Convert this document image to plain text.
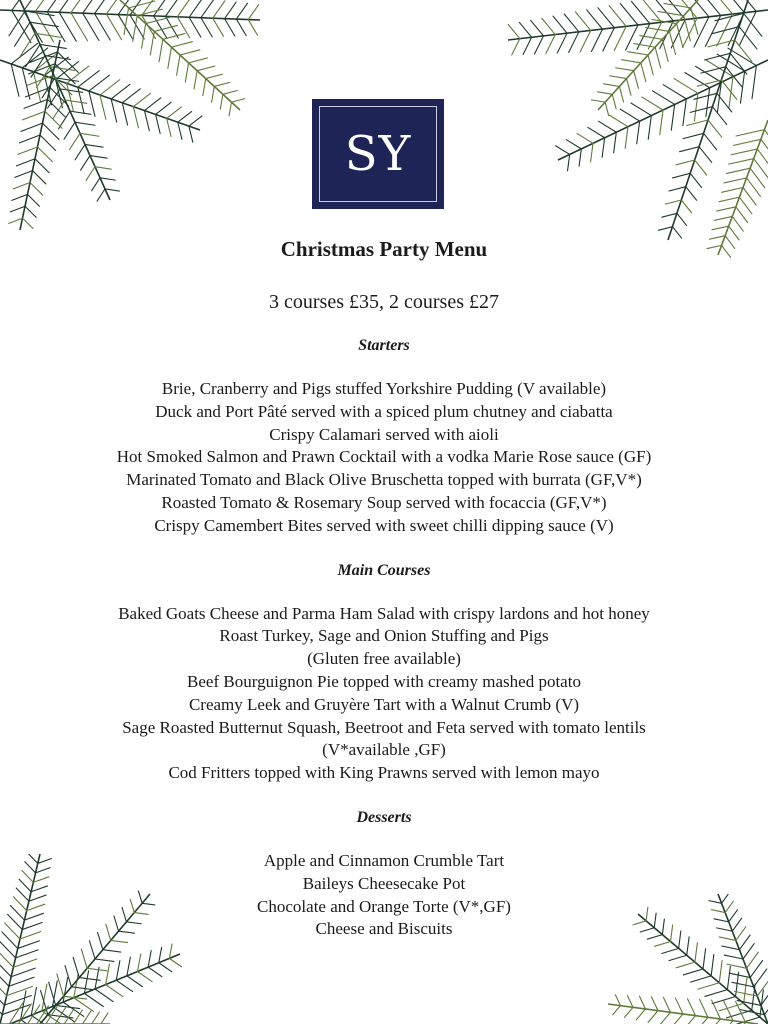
SY
Christmas Party Menu
3 courses £35, 2 courses £27
Starters
Brie, Cranberry and Pigs stuffed Yorkshire Pudding (V available)
Duck and Port Pâté served with a spiced plum chutney and ciabatta
Crispy Calamari served with aioli
Hot Smoked Salmon and Prawn Cocktail with a vodka Marie Rose sauce (GF)
Marinated Tomato and Black Olive Bruschetta topped with burrata (GF,V*)
Roasted Tomato & Rosemary Soup served with focaccia (GF,V*)
Crispy Camembert Bites served with sweet chilli dipping sauce (V)
Main Courses
Baked Goats Cheese and Parma Ham Salad with crispy lardons and hot honey
Roast Turkey, Sage and Onion Stuffing and Pigs
(Gluten free available)
Beef Bourguignon Pie topped with creamy mashed potato
Creamy Leek and Gruyère Tart with a Walnut Crumb (V)
Sage Roasted Butternut Squash, Beetroot and Feta served with tomato lentils
(V*available ,GF)
Cod Fritters topped with King Prawns served with lemon mayo
Desserts
Apple and Cinnamon Crumble Tart
Baileys Cheesecake Pot
Chocolate and Orange Torte (V*,GF)
Cheese and Biscuits
